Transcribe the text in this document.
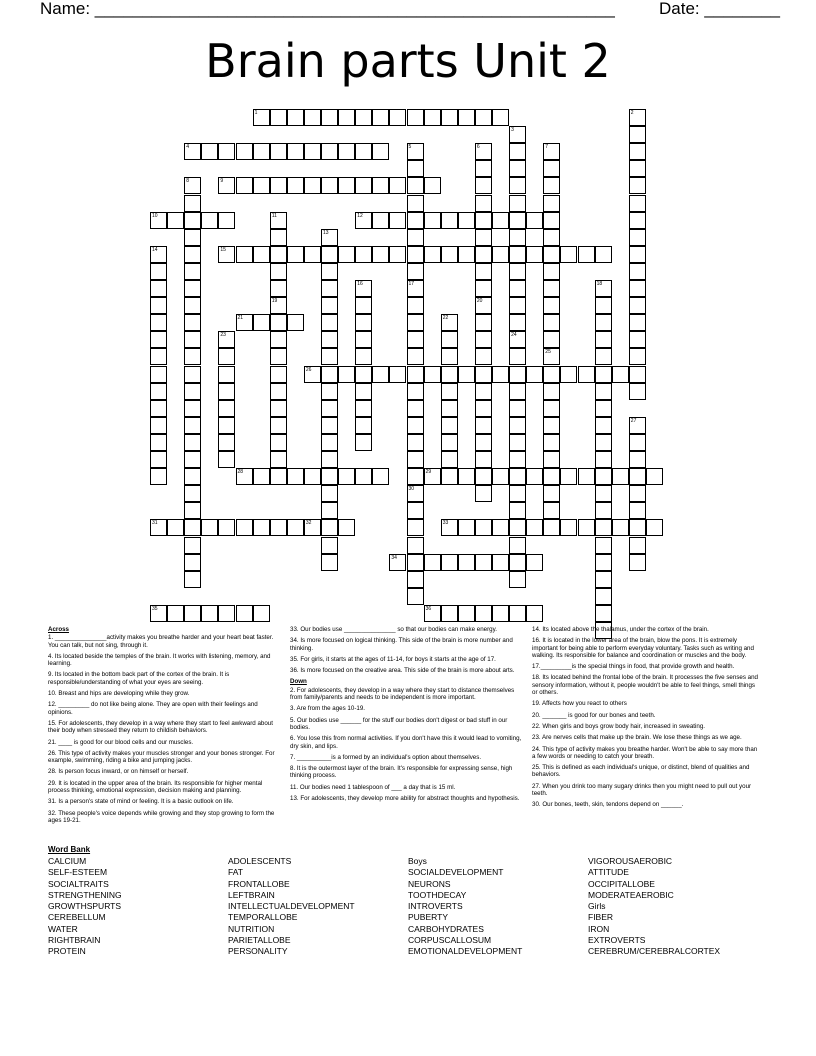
Name: _______________________________________________________	Date: ________
Brain parts Unit 2
1	2
3
24
4	5
17
6
20
7
25
8	9
10	11
19
12
13
14	15
16	18
21	22
23
26
27
28	29
30
31	32	33
34
35	36

Across

1. _______________activity makes you breathe harder and your heart beat faster. You can talk, but not sing, through it.

4. Its located beside the temples of the brain. It works with listening, memory, and learning.

9. Its located in the bottom back part of the cortex of the brain. It is responsible/understanding of what your eyes are seeing.

10. Breast and hips are developing while they grow.

12. _________ do not like being alone. They are open with their feelings and opinions.

15. For adolescents, they develop in a way where they start to feel awkward about their body when stressed they return to childish behaviors.

21. ____ is good for our blood cells and our muscles.

26. This type of activity makes your muscles stronger and your bones stronger. For example, swimming, riding a bike and jumping jacks.

28. Is person focus inward, or on himself or herself.

29. It is located in the upper area of the brain. Its responsible for higher mental process thinking, emotional expression, decision making and planning.

31. Is a person's state of mind or feeling. It is a basic outlook on life.

32. These people's voice depends while growing and they stop growing to form the ages 19-21.

33. Our bodies use _______________ so that our bodies can make energy.

34. Is more focused on logical thinking. This side of the brain is more number and thinking.

35. For girls, it starts at the ages of 11-14, for boys it starts at the age of 17.

36. Is more focused on the creative area. This side of the brain is more about arts.

Down

2. For adolescents, they develop in a way where they start to distance themselves from family/parents and needs to be independent is more important.

3. Are from the ages 10-19.

5. Our bodies use ______ for the stuff our bodies don't digest or bad stuff in our bodies.

6. You lose this from normal activities. If you don't have this it would lead to vomiting, dry skin, and lips.

7. __________is a formed by an individual's option about themselves.

8. It is the outermost layer of the brain. It's responsible for expressing sense, high thinking process.

11. Our bodies need 1 tablespoon of ___ a day that is 15 ml.

13. For adolescents, they develop more ability for abstract thoughts and hypothesis.

14. Its located above the thalamus, under the cortex of the brain.

16. It is located in the lower area of the brain, blow the pons. It is extremely important for being able to perform everyday voluntary. Tasks such as writing and walking. Its responsible for balance and coordination or muscles and the body.

17._________is the special things in food, that provide growth and health.

18. Its located behind the frontal lobe of the brain. It processes the five senses and sensory information, without it, people wouldn't be able to feel things, smell things or others.

19. Affects how you react to others

20. _______ is good for our bones and teeth.

22. When girls and boys grow body hair, increased in sweating.

23. Are nerves cells that make up the brain. We lose these things as we age.

24. This type of activity makes you breathe harder. Won't be able to say more than a few words or needing to catch your breath.

25. This is defined as each individual's unique, or distinct, blend of qualities and behaviors.

27. When you drink too many sugary drinks then you might need to pull out your teeth.

30. Our bones, teeth, skin, tendons depend on ______.

Word Bank
CALCIUM
SELF-ESTEEM
SOCIALTRAITS
STRENGTHENING
GROWTHSPURTS
CEREBELLUM
WATER
RIGHTBRAIN
PROTEIN
ADOLESCENTS
FAT
FRONTALLOBE
LEFTBRAIN
INTELLECTUALDEVELOPMENT
TEMPORALLOBE
NUTRITION
PARIETALLOBE
PERSONALITY
Boys
SOCIALDEVELOPMENT
NEURONS
TOOTHDECAY
INTROVERTS
PUBERTY
CARBOHYDRATES
CORPUSCALLOSUM
EMOTIONALDEVELOPMENT
VIGOROUSAEROBIC
ATTITUDE
OCCIPITALLOBE
MODERATEAEROBIC
Girls
FIBER
IRON
EXTROVERTS
CEREBRUM/CEREBRALCORTEX
